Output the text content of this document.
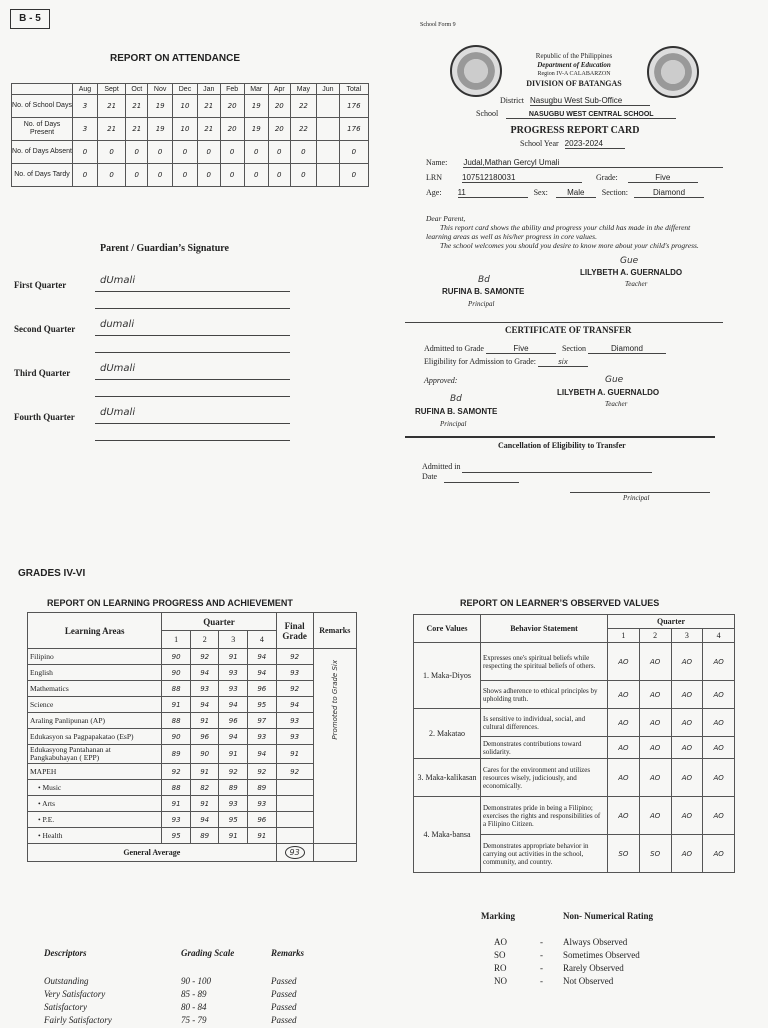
B - 5
REPORT ON ATTENDANCE
	Aug	Sept	Oct	Nov	Dec	Jan	Feb	Mar	Apr	May	Jun	Total
No. of School Days	3	21	21	19	10	21	20	19	20	22		176
No. of Days Present	3	21	21	19	10	21	20	19	20	22		176
No. of Days Absent	0	0	0	0	0	0	0	0	0	0		0
No. of Days Tardy	0	0	0	0	0	0	0	0	0	0		0
Parent / Guardian’s Signature
First Quarter	dUmali
Second Quarter dumali
Third Quarter	dUmali
Fourth Quarter	dUmali
School Form 9
Republic of the Philippines
Department of Education
Region IV-A CALABARZON
DIVISION OF BATANGAS
District Nasugbu West Sub-Office
School	NASUGBU WEST CENTRAL SCHOOL
PROGRESS REPORT CARD
School Year 2023-2024
Name: Judal,Mathan Gercyl Umali
LRN	107512180031	Grade:	Five
Age: 11	Sex: Male Section:	Diamond
Dear Parent,
This report card shows the ability and progress your child has made in the different learning areas as well as his/her progress in core values.
The school welcomes you should you desire to know more about your child's progress.
Gue
LILYBETH A. GUERNALDO
Teacher
Bd
RUFINA B. SAMONTE
Principal
CERTIFICATE OF TRANSFER
Admitted to Grade	Five	Section	Diamond
Eligibility for Admission to Grade:	six
Approved:	Gue
LILYBETH A. GUERNALDO
Teacher
Bd
RUFINA B. SAMONTE
Principal
Cancellation of Eligibility to Transfer
Admitted in
Date
Principal
GRADES IV-VI
REPORT ON LEARNING PROGRESS AND ACHIEVEMENT
Learning Areas	Quarter				Final Grade	Remarks
	1	2	3	4		
Filipino	90	92	91	94	92	Promoted to Grade Six

English	90	94	93	94	93	
Mathematics	88	93	93	96	92	
Science	91	94	94	95	94	
Araling Panlipunan (AP)	88	91	96	97	93	
Edukasyon sa Pagpapakatao (EsP)	90	96	94	93	93	
Edukasyong Pantahanan at Pangkabuhayan ( EPP)	89	90	91	94	91	
MAPEH	92	91	92	92	92	
• Music	88	82	89	89		
• Arts	91	91	93	93		
• P.E.	93	94	95	96		
• Health	95	89	91	91		
General Average					93	
Descriptors	Grading Scale	Remarks
Outstanding	90 - 100	Passed
Very Satisfactory	85 - 89	Passed
Satisfactory	80 - 84	Passed
Fairly Satisfactory	75 - 79	Passed
REPORT ON LEARNER’S OBSERVED VALUES
Core Values	Behavior Statement	Quarter			
		1	2	3	4
1. Maka-Diyos	Expresses one's spiritual beliefs while respecting the spiritual beliefs of others.	AO	AO	AO	AO
	Shows adherence to ethical principles by upholding truth.	AO	AO	AO	AO
2. Makatao	Is sensitive to individual, social, and cultural differences.	AO	AO	AO	AO
	Demonstrates contributions toward solidarity.	AO	AO	AO	AO
3. Maka-kalikasan	Cares for the environment and utilizes resources wisely, judiciously, and economically.	AO	AO	AO	AO
4. Maka-bansa	Demonstrates pride in being a Filipino; exercises the rights and responsibilities of a Filipino Citizen.	AO	AO	AO	AO
	Demonstrates appropriate behavior in carrying out activities in the school, community, and country.	SO	SO	AO	AO
Marking	Non- Numerical Rating
AO	- Always Observed
SO	- Sometimes Observed
RO	- Rarely Observed
NO	- Not Observed
